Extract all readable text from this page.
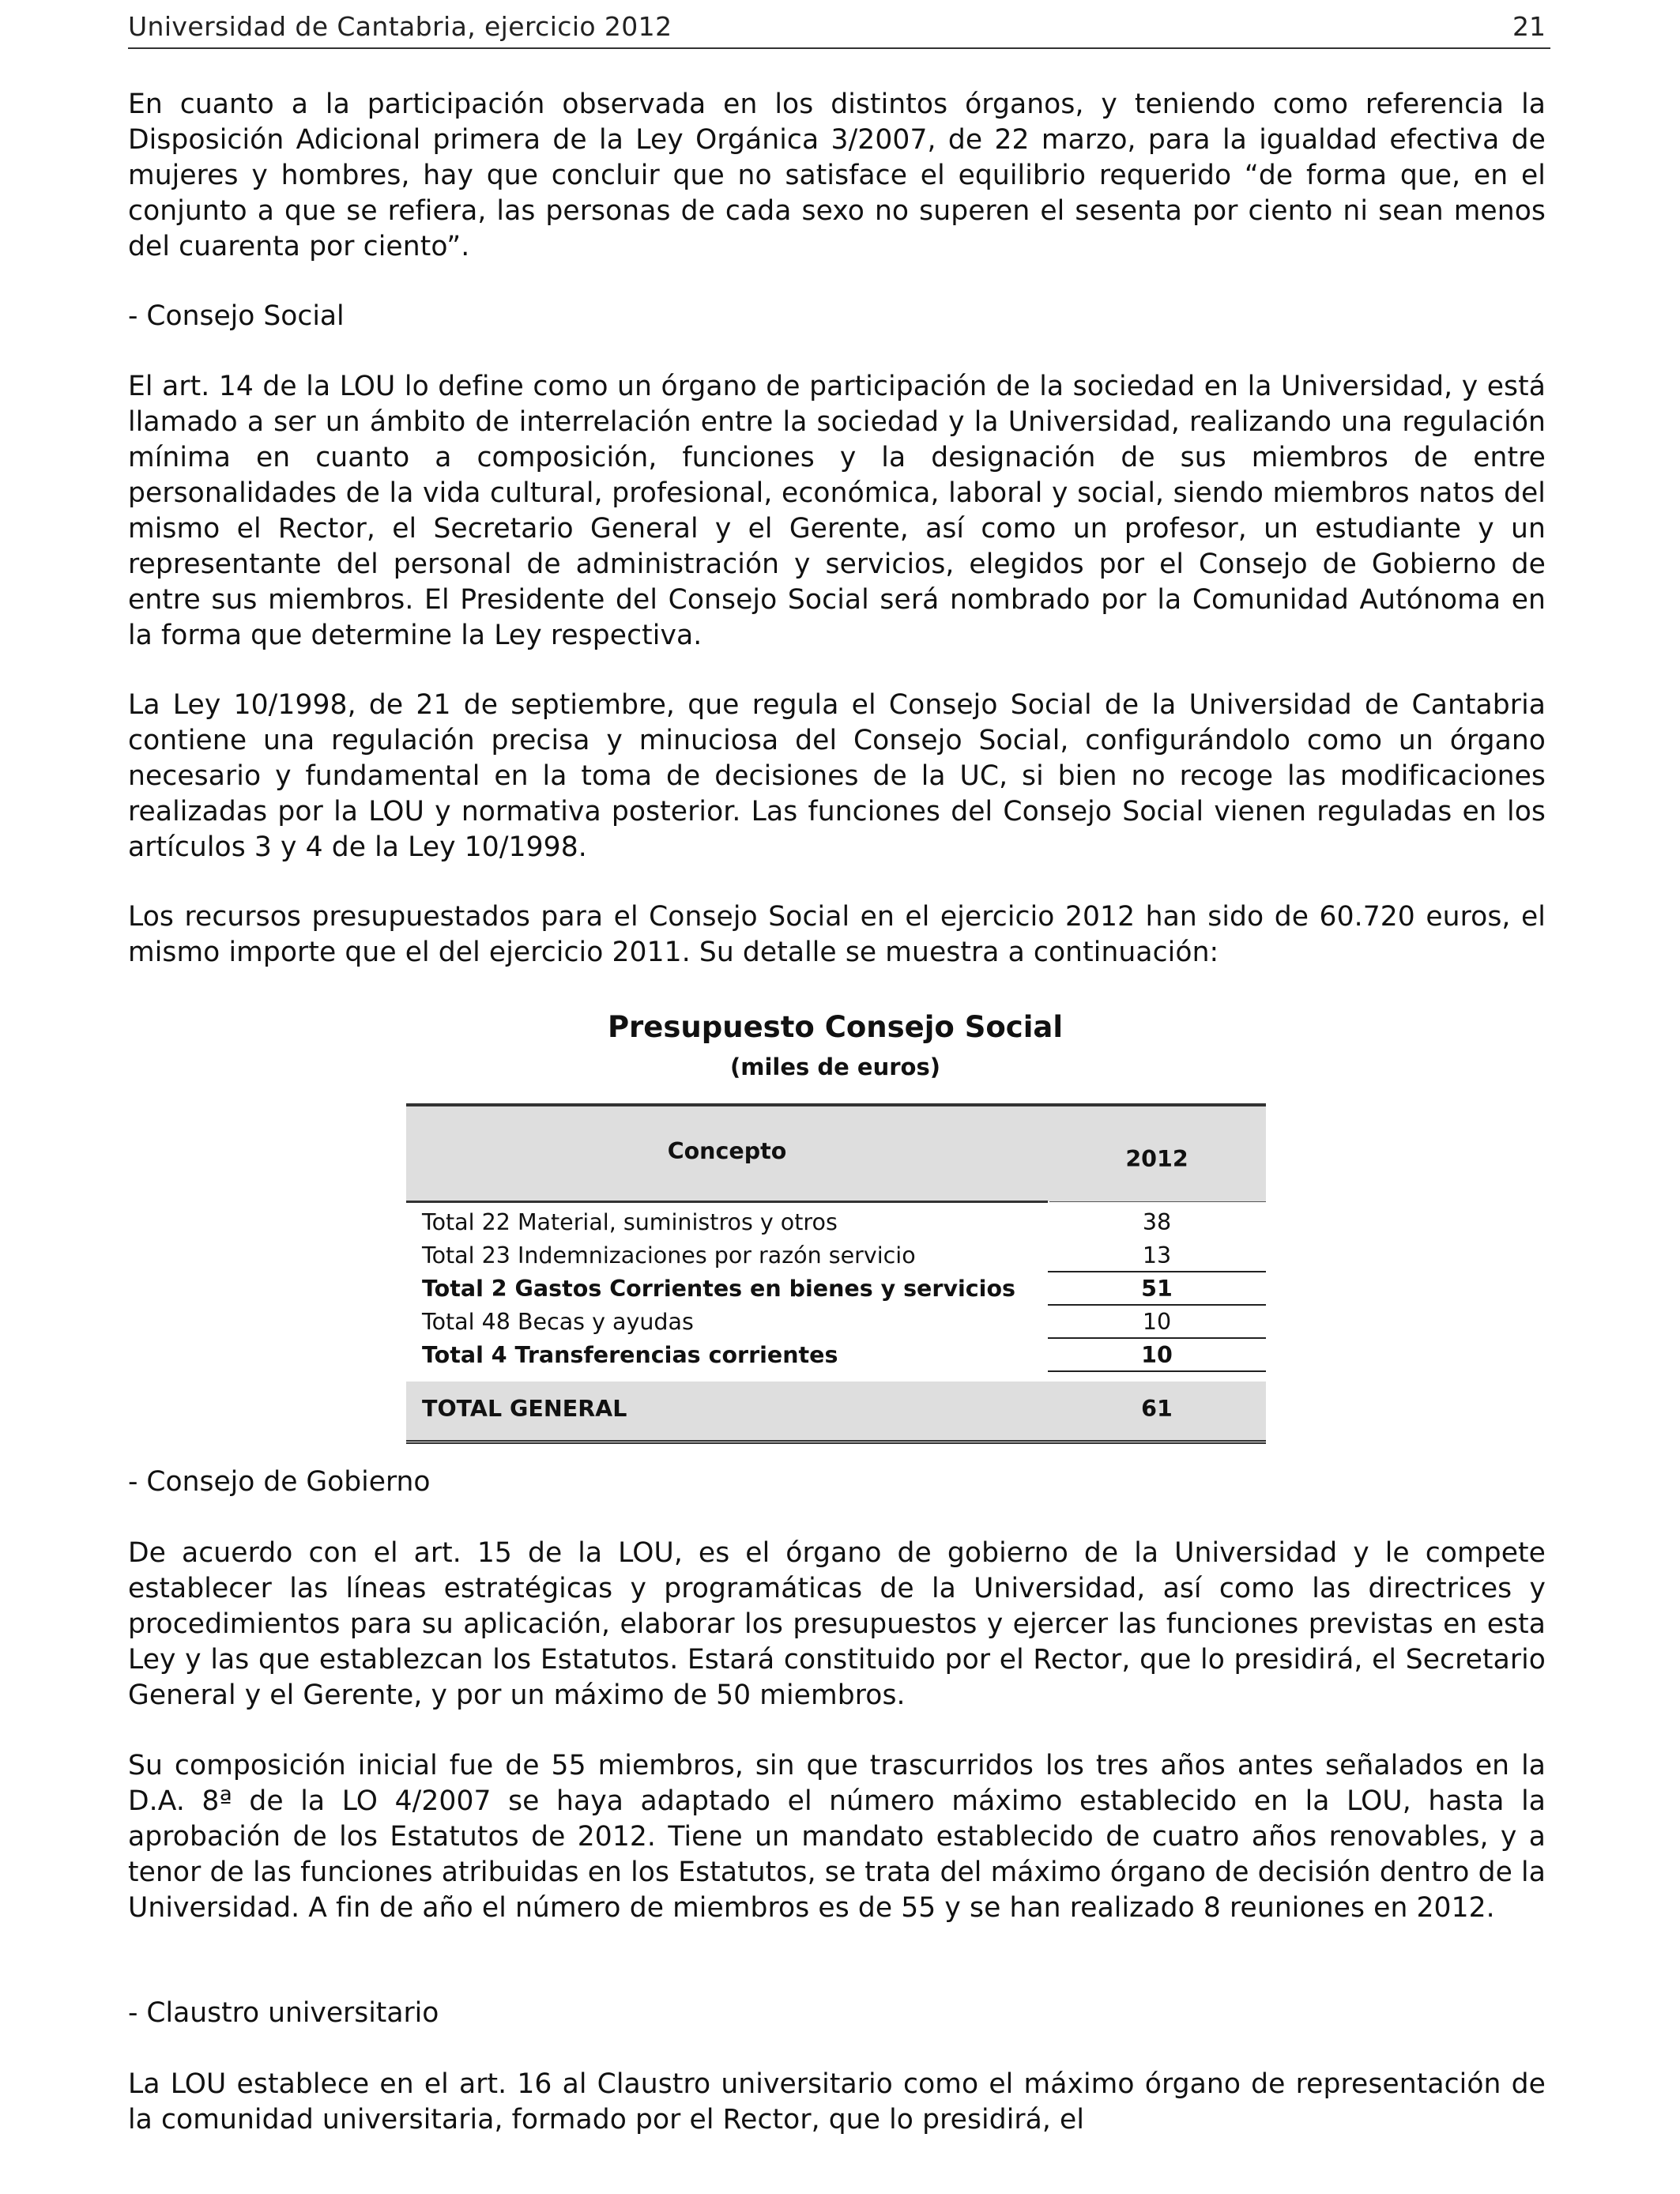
Universidad de Cantabria, ejercicio 2012	21

En cuanto a la participación observada en los distintos órganos, y teniendo como referencia la Disposición Adicional primera de la Ley Orgánica 3/2007, de 22 marzo, para la igualdad efectiva de mujeres y hombres, hay que concluir que no satisface el equilibrio requerido “de forma que, en el conjunto a que se refiera, las personas de cada sexo no superen el sesenta por ciento ni sean menos del cuarenta por ciento”.

- Consejo Social

El art. 14 de la LOU lo define como un órgano de participación de la sociedad en la Universidad, y está llamado a ser un ámbito de interrelación entre la sociedad y la Universidad, realizando una regulación mínima en cuanto a composición, funciones y la designación de sus miembros de entre personalidades de la vida cultural, profesional, económica, laboral y social, siendo miembros natos del mismo el Rector, el Secretario General y el Gerente, así como un profesor, un estudiante y un representante del personal de administración y servicios, elegidos por el Consejo de Gobierno de entre sus miembros. El Presidente del Consejo Social será nombrado por la Comunidad Autónoma en la forma que determine la Ley respectiva.

La Ley 10/1998, de 21 de septiembre, que regula el Consejo Social de la Universidad de Cantabria contiene una regulación precisa y minuciosa del Consejo Social, configurándolo como un órgano necesario y fundamental en la toma de decisiones de la UC, si bien no recoge las modificaciones realizadas por la LOU y normativa posterior. Las funciones del Consejo Social vienen reguladas en los artículos 3 y 4 de la Ley 10/1998.

Los recursos presupuestados para el Consejo Social en el ejercicio 2012 han sido de 60.720 euros, el mismo importe que el del ejercicio 2011. Su detalle se muestra a continuación:

- Consejo de Gobierno

De acuerdo con el art. 15 de la LOU, es el órgano de gobierno de la Universidad y le compete establecer las líneas estratégicas y programáticas de la Universidad, así como las directrices y procedimientos para su aplicación, elaborar los presupuestos y ejercer las funciones previstas en esta Ley y las que establezcan los Estatutos. Estará constituido por el Rector, que lo presidirá, el Secretario General y el Gerente, y por un máximo de 50 miembros.

Su composición inicial fue de 55 miembros, sin que trascurridos los tres años antes señalados en la D.A. 8ª de la LO 4/2007 se haya adaptado el número máximo establecido en la LOU, hasta la aprobación de los Estatutos de 2012. Tiene un mandato establecido de cuatro años renovables, y a tenor de las funciones atribuidas en los Estatutos, se trata del máximo órgano de decisión dentro de la Universidad. A fin de año el número de miembros es de 55 y se han realizado 8 reuniones en 2012.

- Claustro universitario

La LOU establece en el art. 16 al Claustro universitario como el máximo órgano de representación de la comunidad universitaria, formado por el Rector, que lo presidirá, el

Presupuesto Consejo Social
(miles de euros)
Concepto	2012
Total 22 Material, suministros y otros	38
Total 23 Indemnizaciones por razón servicio	13
Total 2 Gastos Corrientes en bienes y servicios	51
Total 48 Becas y ayudas	10
Total 4 Transferencias corrientes	10
TOTAL GENERAL	61
